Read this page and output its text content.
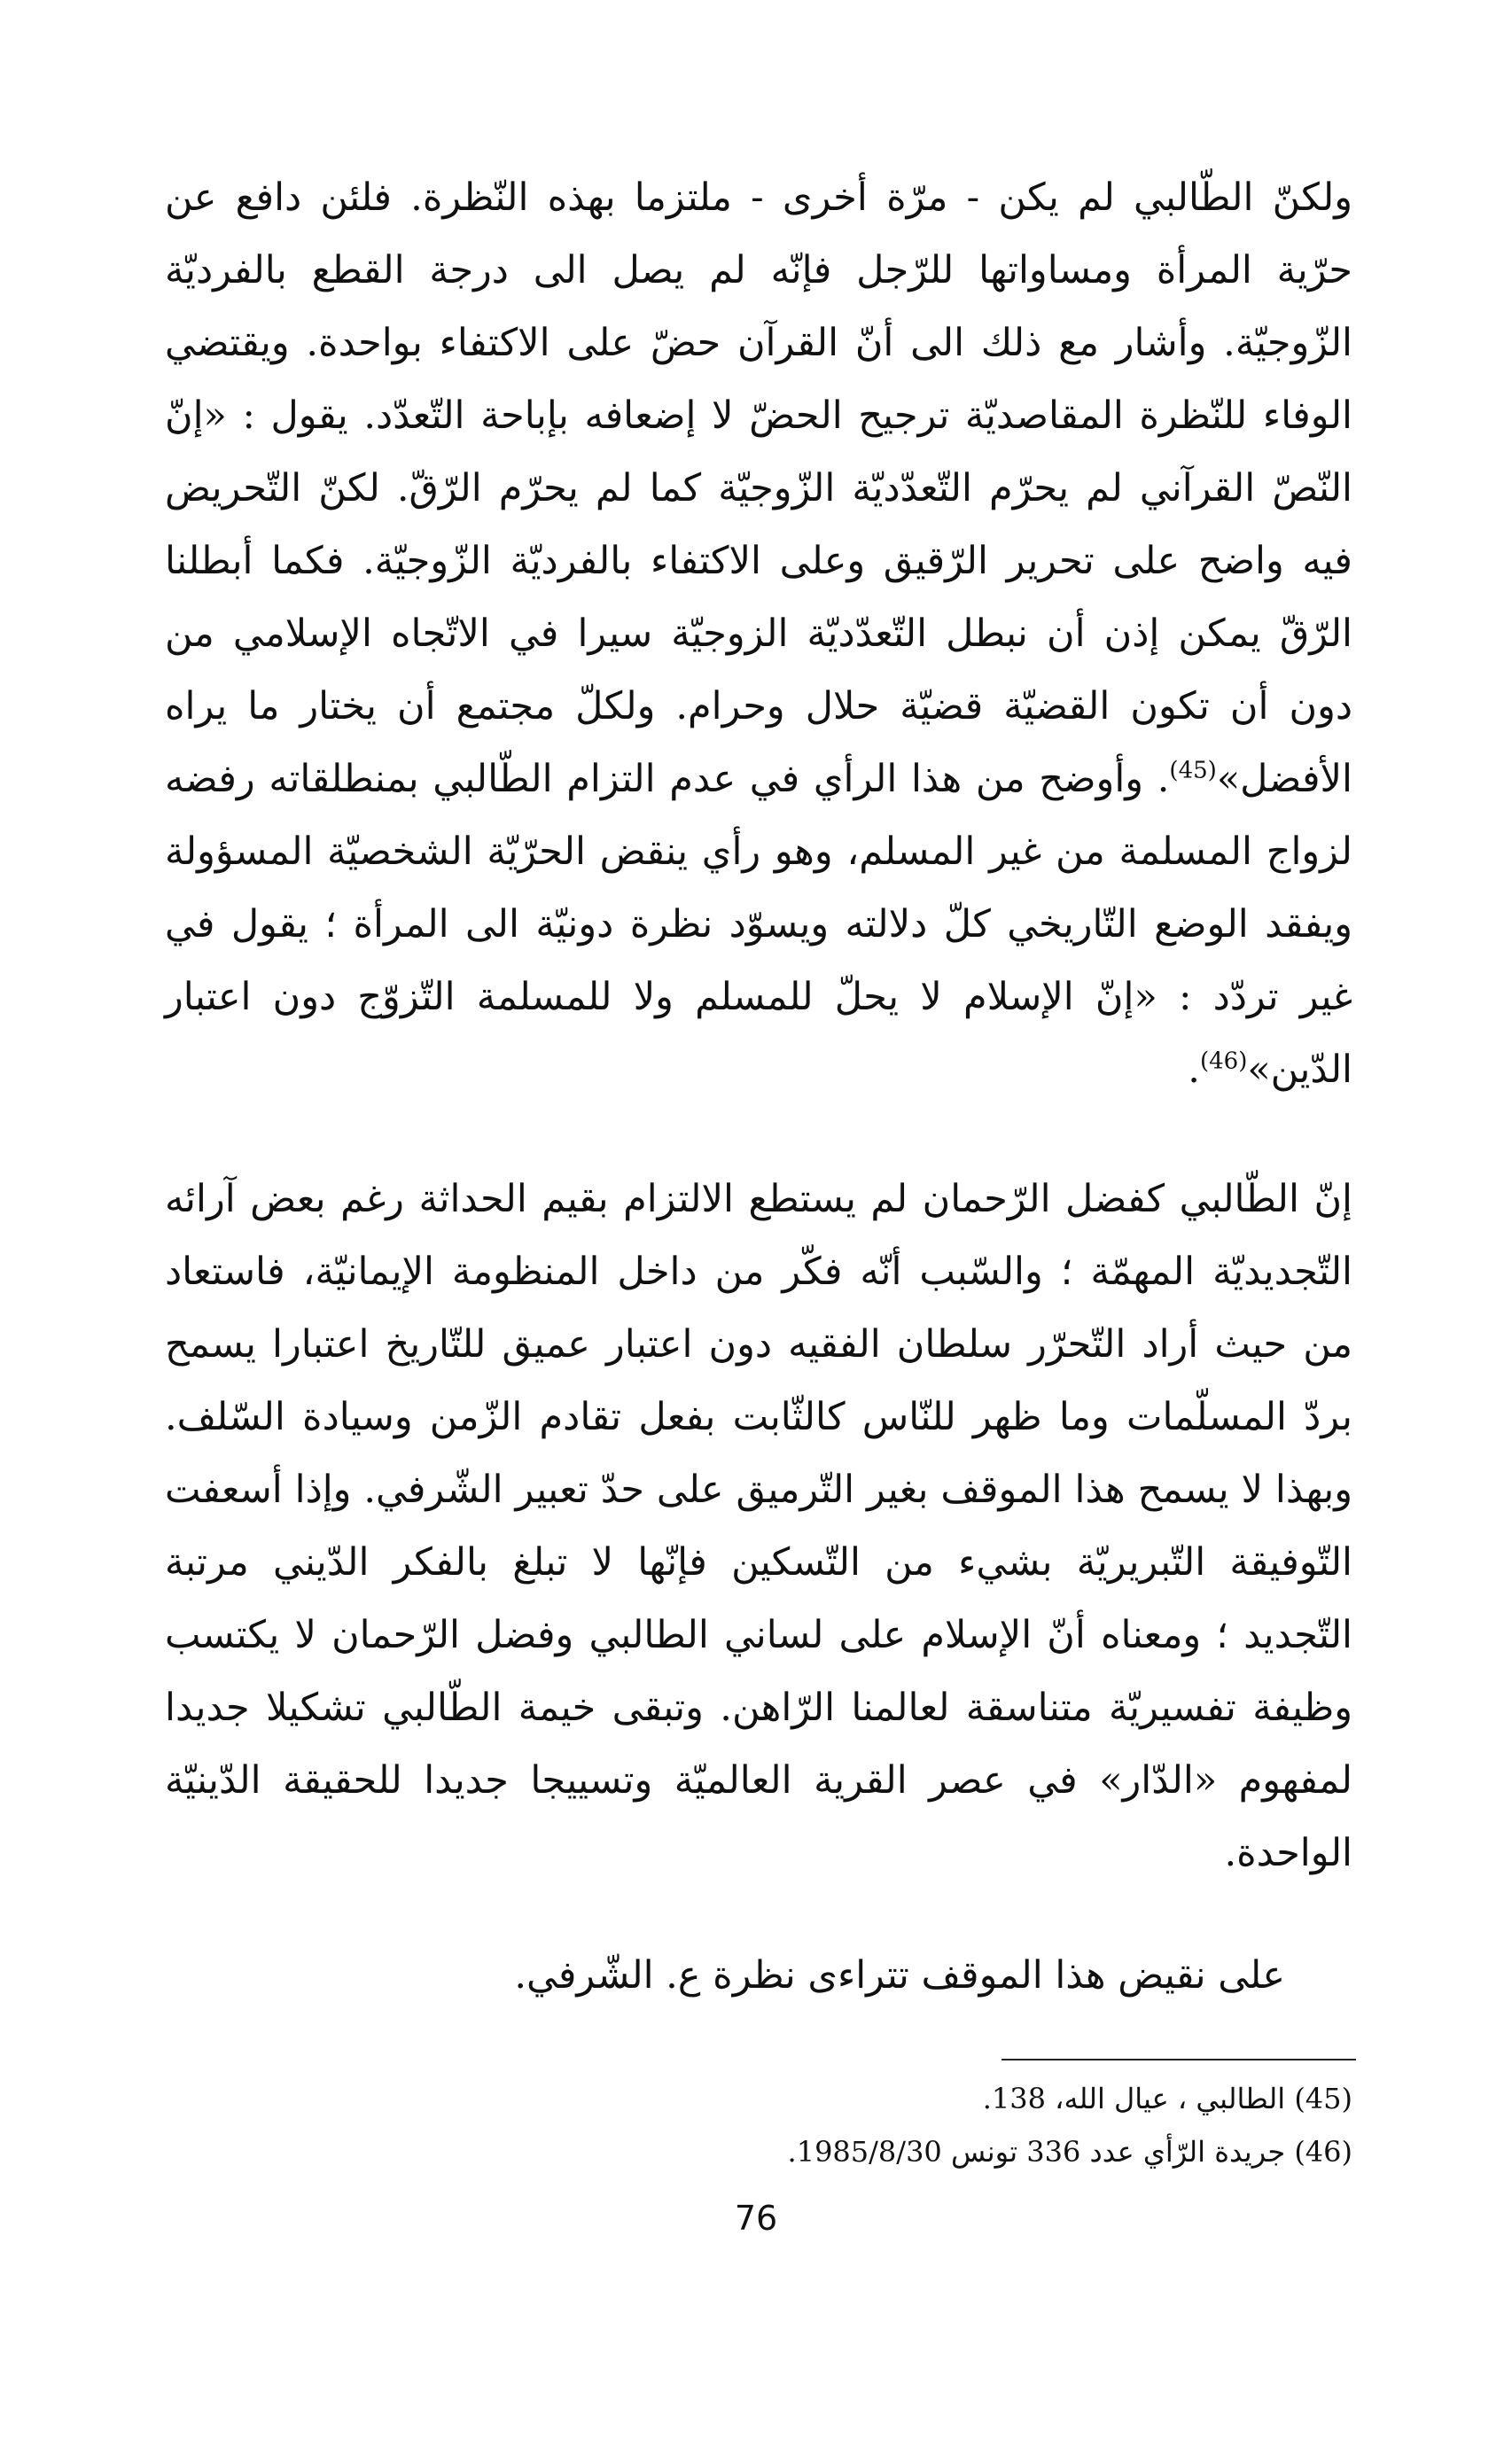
ولكنّ الطّالبي لم يكن - مرّة أخرى - ملتزما بهذه النّظرة. فلئن دافع عن حرّية المرأة ومساواتها للرّجل فإنّه لم يصل الى درجة القطع بالفرديّة الزّوجيّة. وأشار مع ذلك الى أنّ القرآن حضّ على الاكتفاء بواحدة. ويقتضي الوفاء للنّظرة المقاصديّة ترجيح الحضّ لا إضعافه بإباحة التّعدّد. يقول : «إنّ النّصّ القرآني لم يحرّم التّعدّديّة الزّوجيّة كما لم يحرّم الرّقّ. لكنّ التّحريض فيه واضح على تحرير الرّقيق وعلى الاكتفاء بالفرديّة الزّوجيّة. فكما أبطلنا الرّقّ يمكن إذن أن نبطل التّعدّديّة الزوجيّة سيرا في الاتّجاه الإسلامي من دون أن تكون القضيّة قضيّة حلال وحرام. ولكلّ مجتمع أن يختار ما يراه الأفضل»$^{(45)}$. وأوضح من هذا الرأي في عدم التزام الطّالبي بمنطلقاته رفضه لزواج المسلمة من غير المسلم، وهو رأي ينقض الحرّيّة الشخصيّة المسؤولة ويفقد الوضع التّاريخي كلّ دلالته ويسوّد نظرة دونيّة الى المرأة ؛ يقول في غير تردّد : «إنّ الإسلام لا يحلّ للمسلم ولا للمسلمة التّزوّج دون اعتبار الدّين»$^{(46)}$.

إنّ الطّالبي كفضل الرّحمان لم يستطع الالتزام بقيم الحداثة رغم بعض آرائه التّجديديّة المهمّة ؛ والسّبب أنّه فكّر من داخل المنظومة الإيمانيّة، فاستعاد من حيث أراد التّحرّر سلطان الفقيه دون اعتبار عميق للتّاريخ اعتبارا يسمح بردّ المسلّمات وما ظهر للنّاس كالثّابت بفعل تقادم الزّمن وسيادة السّلف. وبهذا لا يسمح هذا الموقف بغير التّرميق على حدّ تعبير الشّرفي. وإذا أسعفت التّوفيقة التّبريريّة بشيء من التّسكين فإنّها لا تبلغ بالفكر الدّيني مرتبة التّجديد ؛ ومعناه أنّ الإسلام على لساني الطالبي وفضل الرّحمان لا يكتسب وظيفة تفسيريّة متناسقة لعالمنا الرّاهن. وتبقى خيمة الطّالبي تشكيلا جديدا لمفهوم «الدّار» في عصر القرية العالميّة وتسييجا جديدا للحقيقة الدّينيّة الواحدة.

على نقيض هذا الموقف تتراءى نظرة ع. الشّرفي.

(45) الطالبي ، عيال الله، 138.
(46) جريدة الرّأي عدد 336 تونس 1985/8/30.
76
